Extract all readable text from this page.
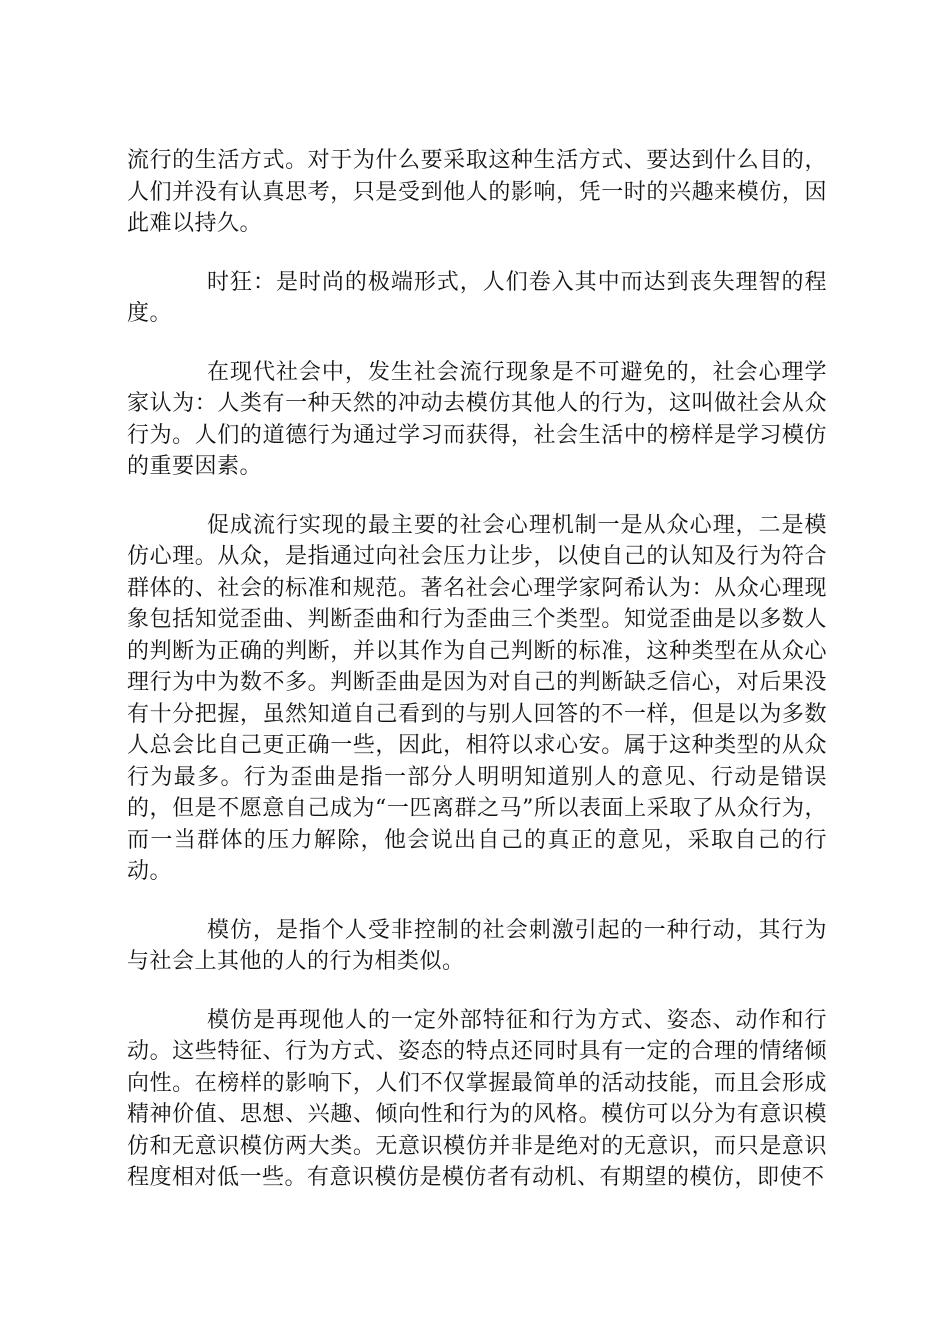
流行的生活方式。对于为什么要采取这种生活方式、要达到什么目的，人们并没有认真思考，只是受到他人的影响，凭一时的兴趣来模仿，因此难以持久。

时狂：是时尚的极端形式，人们卷入其中而达到丧失理智的程度。

在现代社会中，发生社会流行现象是不可避免的，社会心理学家认为：人类有一种天然的冲动去模仿其他人的行为，这叫做社会从众行为。人们的道德行为通过学习而获得，社会生活中的榜样是学习模仿的重要因素。

促成流行实现的最主要的社会心理机制一是从众心理，二是模仿心理。从众，是指通过向社会压力让步，以使自己的认知及行为符合群体的、社会的标准和规范。著名社会心理学家阿希认为：从众心理现象包括知觉歪曲、判断歪曲和行为歪曲三个类型。知觉歪曲是以多数人的判断为正确的判断，并以其作为自己判断的标准，这种类型在从众心理行为中为数不多。判断歪曲是因为对自己的判断缺乏信心，对后果没有十分把握，虽然知道自己看到的与别人回答的不一样，但是以为多数人总会比自己更正确一些，因此，相符以求心安。属于这种类型的从众行为最多。行为歪曲是指一部分人明明知道别人的意见、行动是错误的，但是不愿意自己成为“一匹离群之马”所以表面上采取了从众行为，而一当群体的压力解除，他会说出自己的真正的意见，采取自己的行动。

模仿，是指个人受非控制的社会刺激引起的一种行动，其行为与社会上其他的人的行为相类似。

模仿是再现他人的一定外部特征和行为方式、姿态、动作和行动。这些特征、行为方式、姿态的特点还同时具有一定的合理的情绪倾向性。在榜样的影响下，人们不仅掌握最简单的活动技能，而且会形成精神价值、思想、兴趣、倾向性和行为的风格。模仿可以分为有意识模仿和无意识模仿两大类。无意识模仿并非是绝对的无意识，而只是意识程度相对低一些。有意识模仿是模仿者有动机、有期望的模仿，即使不
